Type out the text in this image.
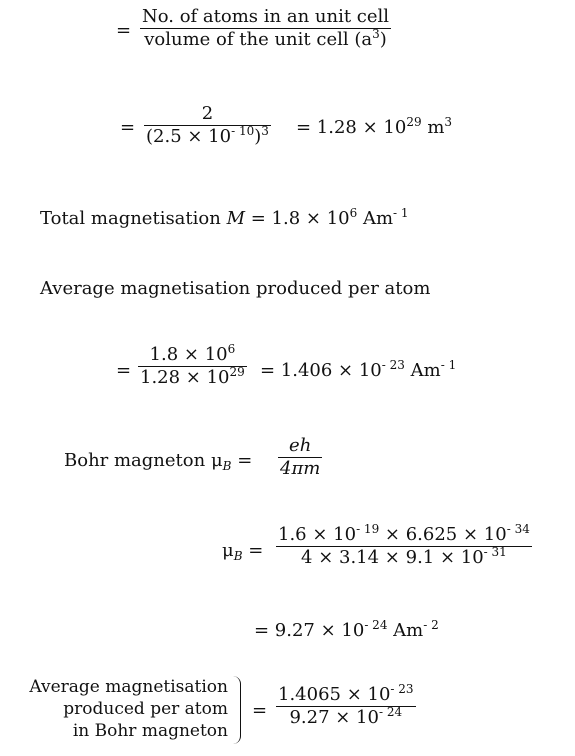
=
No. of atoms in an unit cell
volume of the unit cell $(a^3)$
=
2
$(2.5 \times 10^{- 10})^3 = 1.28 \times 10^{29}$ $m^3$
Total magnetisation $M = 1.8 \times 10^6$ $Am^{- 1}$
Average magnetisation produced per atom
=
$1.8 \times 10^6$
$1.28 \times 10^{29} = 1.406 \times 10^{- 23}$ $Am^{- 1}$
Bohr magneton $\mu_B$ =
eh
4πm
$\mu_B$ =
$1.6 \times 10^{- 19} \times 6.625 \times 10^{- 34}$
$4 \times 3.14 \times 9.1 \times 10^{- 31}$
= $9.27 \times 10^{- 24}$ $Am^{- 2}$
Average magnetisation
produced per atom
in Bohr magneton
=
$1.4065 \times 10^{- 23}$
$9.27 \times 10^{- 24}$
